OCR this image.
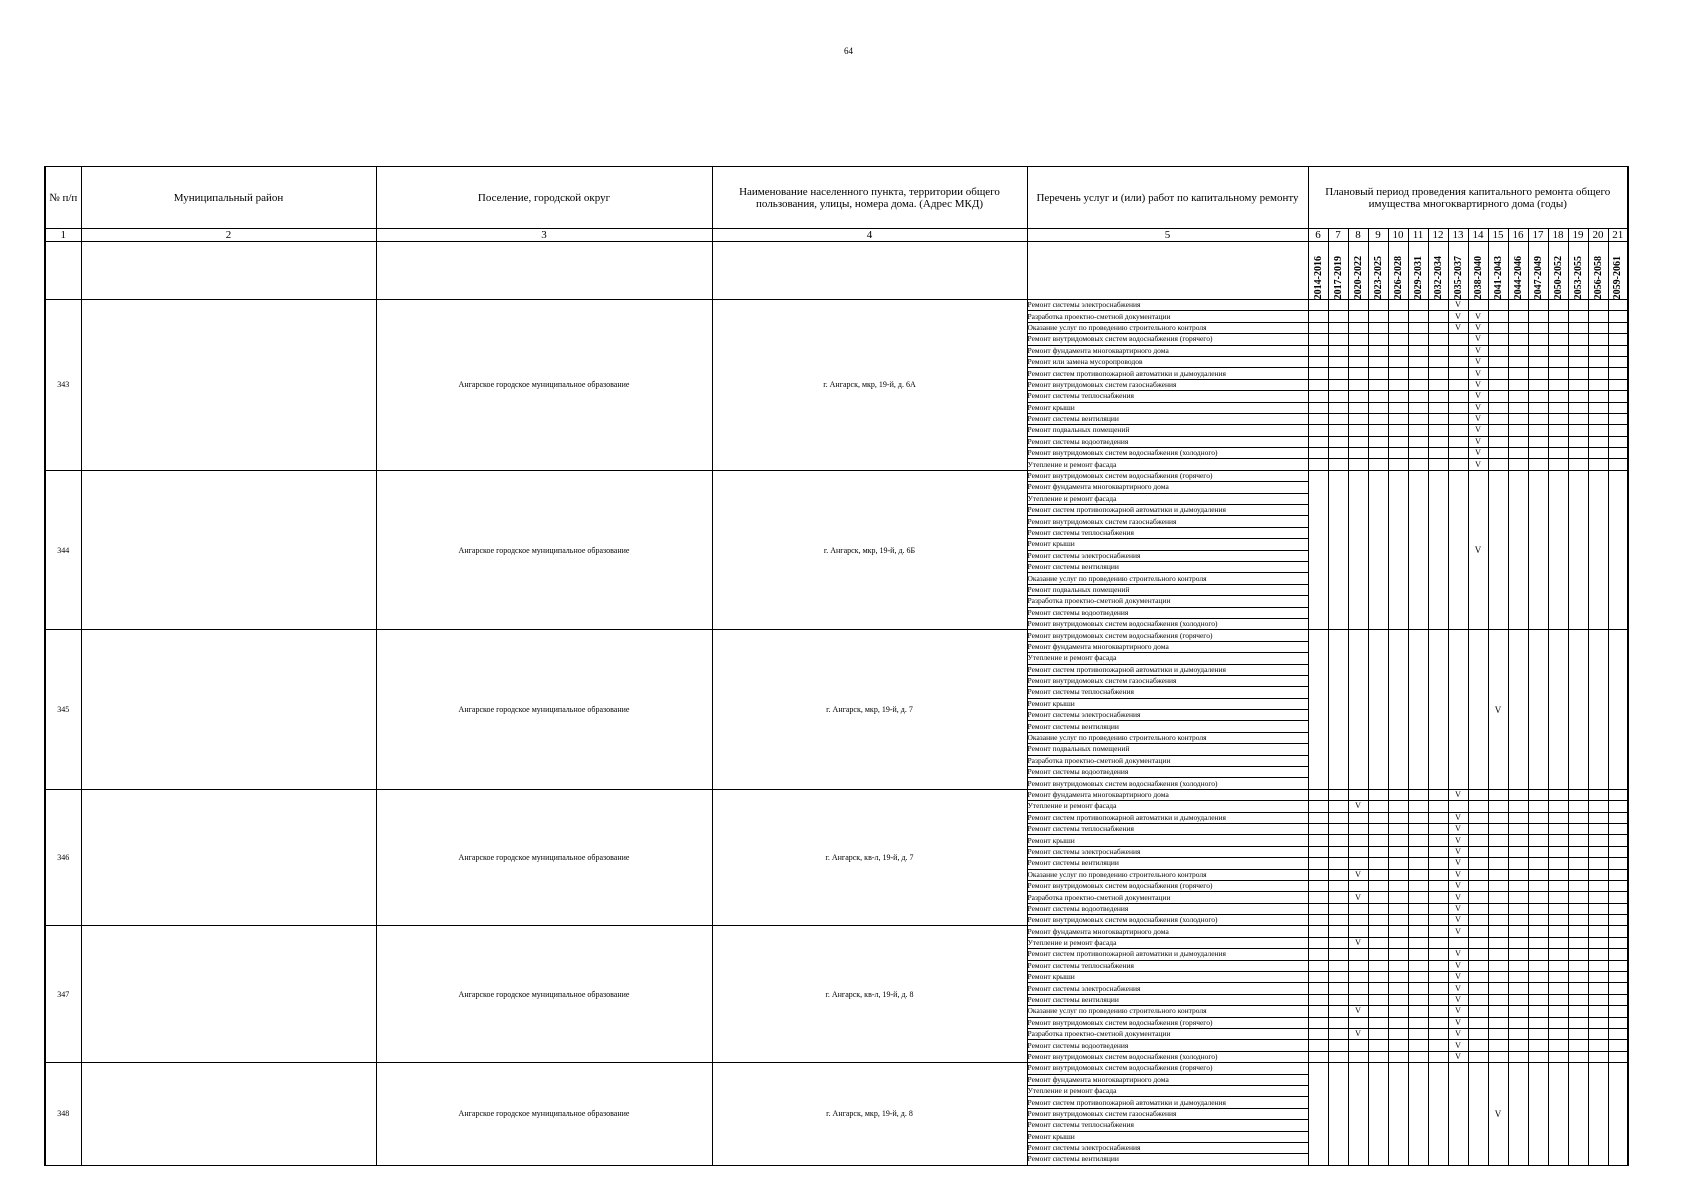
64
№ п/п	Муниципальный район	Поселение, городской округ	Наименование населенного пункта, территории общего пользования, улицы, номера дома. (Адрес МКД)	Перечень услуг и (или) работ по капитальному ремонту	Плановый период проведения капитального ремонта общего имущества многоквартирного дома (годы)															
1	2	3	4	5	6	7	8	9	10	11	12	13	14	15	16	17	18	19	20	21

					2014-2016	2017-2019	2020-2022	2023-2025	2026-2028	2029-2031	2032-2034	2035-2037	2038-2040	2041-2043	2044-2046	2047-2049	2050-2052	2053-2055	2056-2058	2059-2061

343		Ангарское городское муниципальное образование	г. Ангарск, мкр, 19-й, д. 6А	Ремонт системы электроснабжения								V								
				Разработка проектно-сметной документации								V	V							
				Оказание услуг по проведению строительного контроля								V	V							
				Ремонт внутридомовых систем водоснабжения (горячего)									V							
				Ремонт фундамента многоквартирного дома									V							
				Ремонт или замена мусоропроводов									V							
				Ремонт систем противопожарной автоматики и дымоудаления									V							
				Ремонт внутридомовых систем газоснабжения									V							
				Ремонт системы теплоснабжения									V							
				Ремонт крыши									V							
				Ремонт системы вентиляции									V							
				Ремонт подвальных помещений									V							
				Ремонт системы водоотведения									V							
				Ремонт внутридомовых систем водоснабжения (холодного)									V							
				Утепление и ремонт фасада									V							
344		Ангарское городское муниципальное образование	г. Ангарск, мкр, 19-й, д. 6Б	Ремонт внутридомовых систем водоснабжения (горячего)									V							
				Ремонт фундамента многоквартирного дома																
				Утепление и ремонт фасада																
				Ремонт систем противопожарной автоматики и дымоудаления																
				Ремонт внутридомовых систем газоснабжения																
				Ремонт системы теплоснабжения																
				Ремонт крыши																
				Ремонт системы электроснабжения																
				Ремонт системы вентиляции																
				Оказание услуг по проведению строительного контроля																
				Ремонт подвальных помещений																
				Разработка проектно-сметной документации																
				Ремонт системы водоотведения																
				Ремонт внутридомовых систем водоснабжения (холодного)																
345		Ангарское городское муниципальное образование	г. Ангарск, мкр, 19-й, д. 7	Ремонт внутридомовых систем водоснабжения (горячего)										V						
				Ремонт фундамента многоквартирного дома																
				Утепление и ремонт фасада																
				Ремонт систем противопожарной автоматики и дымоудаления																
				Ремонт внутридомовых систем газоснабжения																
				Ремонт системы теплоснабжения																
				Ремонт крыши																
				Ремонт системы электроснабжения																
				Ремонт системы вентиляции																
				Оказание услуг по проведению строительного контроля																
				Ремонт подвальных помещений																
				Разработка проектно-сметной документации																
				Ремонт системы водоотведения																
				Ремонт внутридомовых систем водоснабжения (холодного)																
346		Ангарское городское муниципальное образование	г. Ангарск, кв-л, 19-й, д. 7	Ремонт фундамента многоквартирного дома								V								
				Утепление и ремонт фасада			V													
				Ремонт систем противопожарной автоматики и дымоудаления								V								
				Ремонт системы теплоснабжения								V								
				Ремонт крыши								V								
				Ремонт системы электроснабжения								V								
				Ремонт системы вентиляции								V								
				Оказание услуг по проведению строительного контроля			V					V								
				Ремонт внутридомовых систем водоснабжения (горячего)								V								
				Разработка проектно-сметной документации			V					V								
				Ремонт системы водоотведения								V								
				Ремонт внутридомовых систем водоснабжения (холодного)								V								
347		Ангарское городское муниципальное образование	г. Ангарск, кв-л, 19-й, д. 8	Ремонт фундамента многоквартирного дома								V								
				Утепление и ремонт фасада			V													
				Ремонт систем противопожарной автоматики и дымоудаления								V								
				Ремонт системы теплоснабжения								V								
				Ремонт крыши								V								
				Ремонт системы электроснабжения								V								
				Ремонт системы вентиляции								V								
				Оказание услуг по проведению строительного контроля			V					V								
				Ремонт внутридомовых систем водоснабжения (горячего)								V								
				Разработка проектно-сметной документации			V					V								
				Ремонт системы водоотведения								V								
				Ремонт внутридомовых систем водоснабжения (холодного)								V								
348		Ангарское городское муниципальное образование	г. Ангарск, мкр, 19-й, д. 8	Ремонт внутридомовых систем водоснабжения (горячего)										V						
				Ремонт фундамента многоквартирного дома																
				Утепление и ремонт фасада																
				Ремонт систем противопожарной автоматики и дымоудаления																
				Ремонт внутридомовых систем газоснабжения																
				Ремонт системы теплоснабжения																
				Ремонт крыши																
				Ремонт системы электроснабжения																
				Ремонт системы вентиляции																
